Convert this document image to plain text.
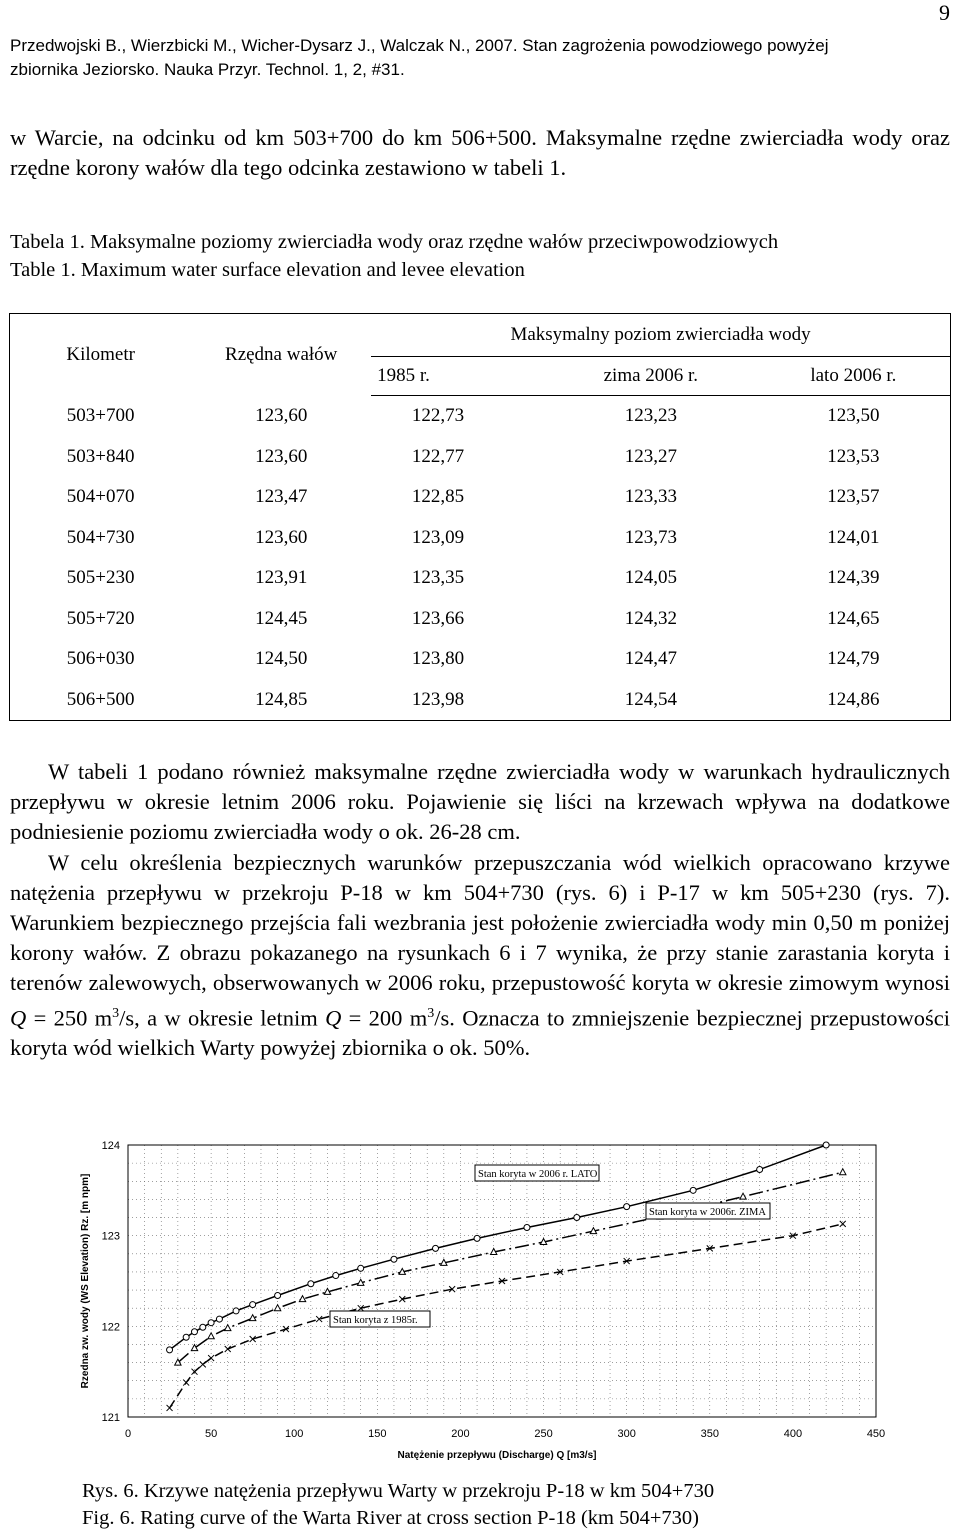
9
Przedwojski B., Wierzbicki M., Wicher-Dysarz J., Walczak N., 2007. Stan zagrożenia powodziowego powyżej
zbiornika Jeziorsko. Nauka Przyr. Technol. 1, 2, #31.
w Warcie, na odcinku od km 503+700 do km 506+500. Maksymalne rzędne zwierciadła wody oraz rzędne korony wałów dla tego odcinka zestawiono w tabeli 1.
Tabela 1. Maksymalne poziomy zwierciadła wody oraz rzędne wałów przeciwpowodziowych
Table 1. Maximum water surface elevation and levee elevation
Kilometr	Rzędna wałów	Maksymalny poziom zwierciadła wody		
		1985 r.	zima 2006 r.	lato 2006 r.
503+700	123,60	122,73	123,23	123,50
503+840	123,60	122,77	123,27	123,53
504+070	123,47	122,85	123,33	123,57
504+730	123,60	123,09	123,73	124,01
505+230	123,91	123,35	124,05	124,39
505+720	124,45	123,66	124,32	124,65
506+030	124,50	123,80	124,47	124,79
506+500	124,85	123,98	124,54	124,86

W tabeli 1 podano również maksymalne rzędne zwierciadła wody w warunkach hydraulicznych przepływu w okresie letnim 2006 roku. Pojawienie się liści na krzewach wpływa na dodatkowe podniesienie poziomu zwierciadła wody o ok. 26-28 cm.

W celu określenia bezpiecznych warunków przepuszczania wód wielkich opracowano krzywe natężenia przepływu w przekroju P-18 w km 504+730 (rys. 6) i P-17 w km 505+230 (rys. 7). Warunkiem bezpiecznego przejścia fali wezbrania jest położenie zwierciadła wody min 0,50 m poniżej korony wałów. Z obrazu pokazanego na rysunkach 6 i 7 wynika, że przy stanie zarastania koryta i terenów zalewowych, obserwowanych w 2006 roku, przepustowość koryta w okresie zimowym wynosi Q = 250 $m^3/s$, a w okresie letnim Q = 200 $m^3/s$. Oznacza to zmniejszenie bezpiecznej przepustowości koryta wód wielkich Warty powyżej zbiornika o ok. 50%.

0	50	100	150	200	250	300	350	400	450
121
122
123
124
Natężenie przepływu (Discharge) Q [m3/s]
Rzedna zw. wody (WS Elevation) Rz. [m npm]	Stan koryta w 2006 r. LATO
Stan koryta w 2006r. ZIMA
Stan koryta z 1985r.
Rys. 6. Krzywe natężenia przepływu Warty w przekroju P-18 w km 504+730
Fig. 6. Rating curve of the Warta River at cross section P-18 (km 504+730)
